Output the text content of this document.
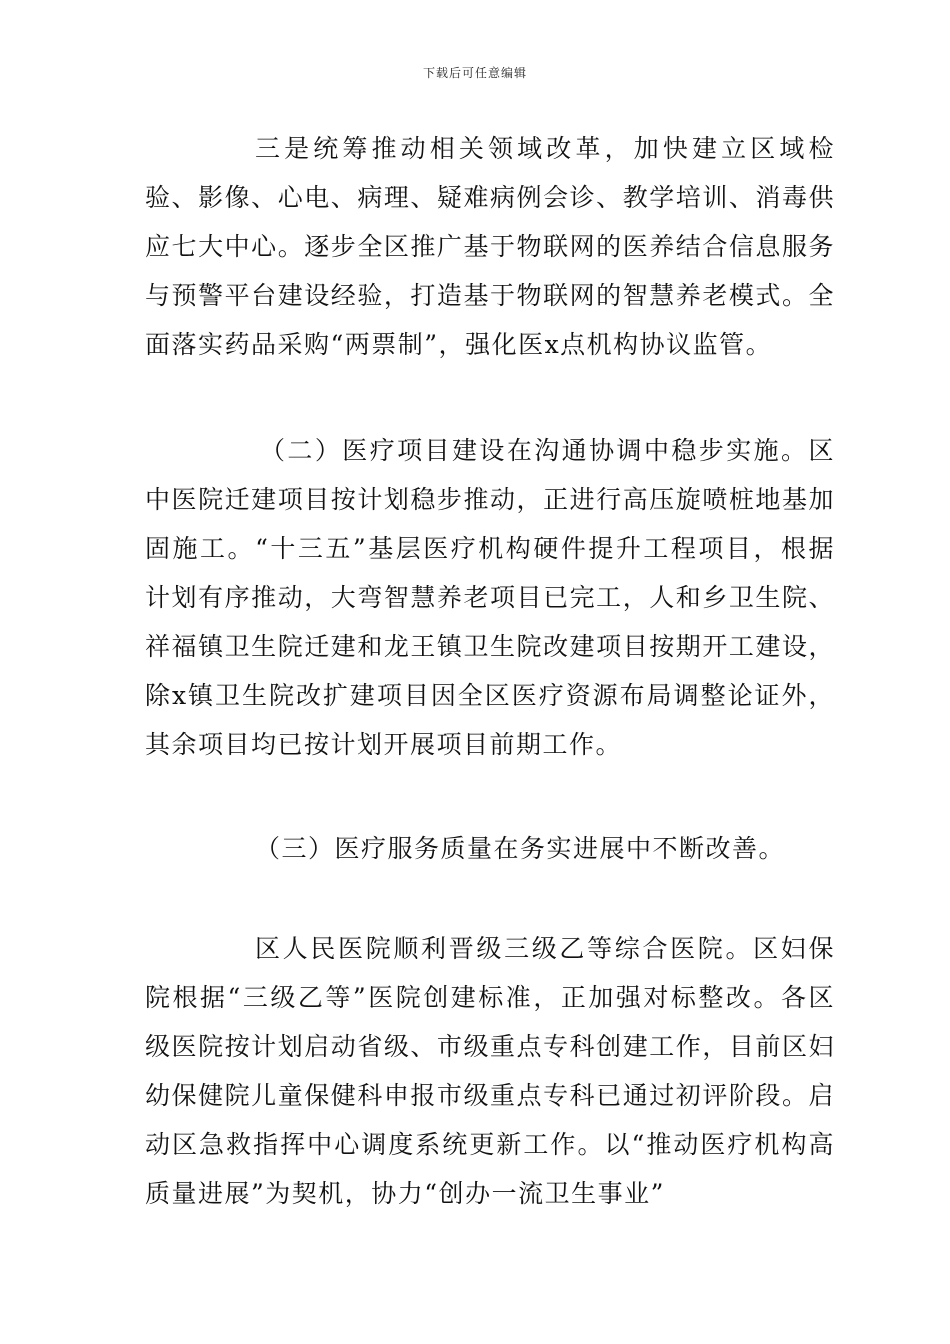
下载后可任意编辑

三是统筹推动相关领域改革，加快建立区域检验、影像、心电、病理、疑难病例会诊、教学培训、消毒供应七大中心。逐步全区推广基于物联网的医养结合信息服务与预警平台建设经验，打造基于物联网的智慧养老模式。全面落实药品采购“两票制”，强化医x点机构协议监管。

（二）医疗项目建设在沟通协调中稳步实施。区中医院迁建项目按计划稳步推动，正进行高压旋喷桩地基加固施工。“十三五”基层医疗机构硬件提升工程项目，根据计划有序推动，大弯智慧养老项目已完工，人和乡卫生院、祥福镇卫生院迁建和龙王镇卫生院改建项目按期开工建设，除x镇卫生院改扩建项目因全区医疗资源布局调整论证外，其余项目均已按计划开展项目前期工作。

（三）医疗服务质量在务实进展中不断改善。

区人民医院顺利晋级三级乙等综合医院。区妇保院根据“三级乙等”医院创建标准，正加强对标整改。各区级医院按计划启动省级、市级重点专科创建工作，目前区妇幼保健院儿童保健科申报市级重点专科已通过初评阶段。启动区急救指挥中心调度系统更新工作。以“推动医疗机构高质量进展”为契机，协力“创办一流卫生事业”
